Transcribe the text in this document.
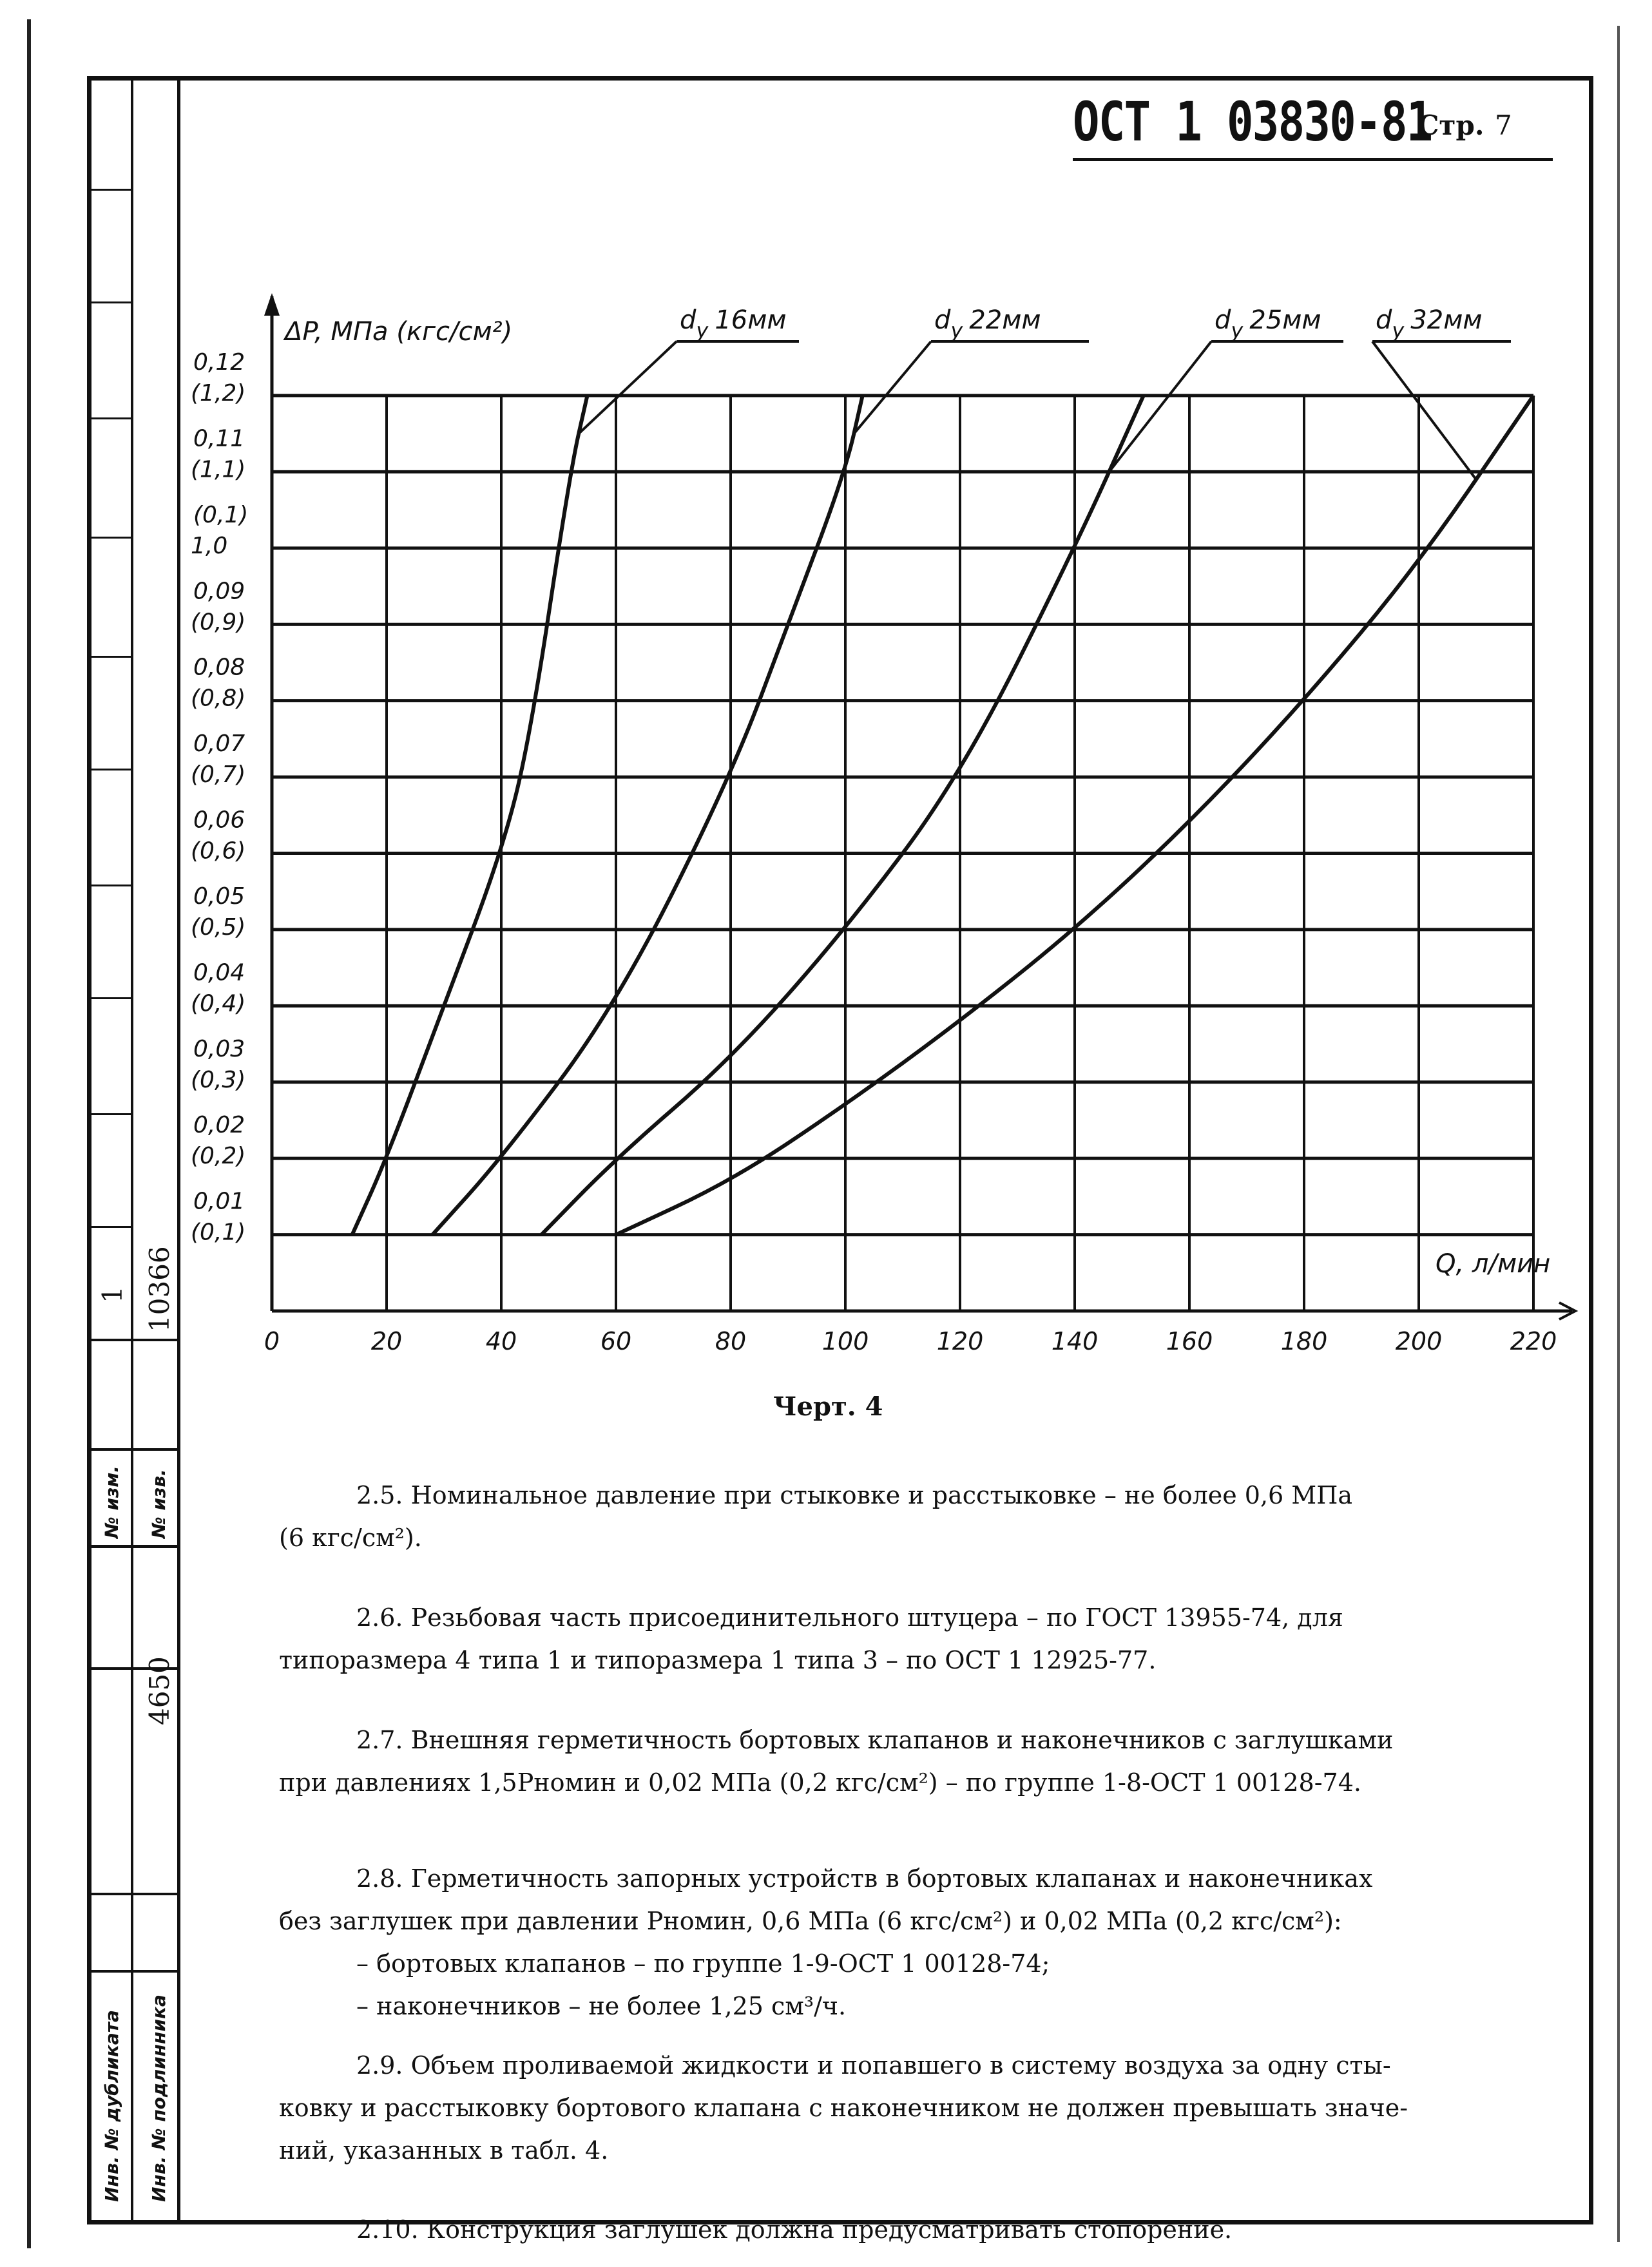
1 10366
№ изм. № изв.
4650
Инв. № дубликата Инв. № подлинника
ОСТ 1 03830-81
Стр. 7
ΔP, МПа (кгс/см²)
Q, л/мин
0	20	40	60	80	100	120	140	160	180	200	220
0,01
(0,1)
0,02
(0,2)
0,03
(0,3)
0,04
(0,4)
0,05
(0,5)
0,06
(0,6)
0,07
(0,7)
0,08
(0,8)
0,09
(0,9)
(0,1)
1,0
0,11
(1,1)
0,12
(1,2)
$d_y$ 16мм	$d_y$ 22мм	$d_y$ 25мм $d_y$ 32мм
Черт. 4
2.5. Номинальное давление при стыковке и расстыковке – не более 0,6 МПа
(6 кгс/см²).
2.6. Резьбовая часть присоединительного штуцера – по ГОСТ 13955-74, для
типоразмера 4 типа 1 и типоразмера 1 типа 3 – по ОСТ 1 12925-77.
2.7. Внешняя герметичность бортовых клапанов и наконечников с заглушками
при давлениях 1,5Pномин и 0,02 МПа (0,2 кгс/см²) – по группе 1-8-ОСТ 1 00128-74.
2.8. Герметичность запорных устройств в бортовых клапанах и наконечниках
без заглушек при давлении Pномин, 0,6 МПа (6 кгс/см²) и 0,02 МПа (0,2 кгс/см²):
– бортовых клапанов – по группе 1-9-ОСТ 1 00128-74;
– наконечников – не более 1,25 см³/ч.
2.9. Объем проливаемой жидкости и попавшего в систему воздуха за одну сты-
ковку и расстыковку бортового клапана с наконечником не должен превышать значе-
ний, указанных в табл. 4.
2.10. Конструкция заглушек должна предусматривать стопорение.
